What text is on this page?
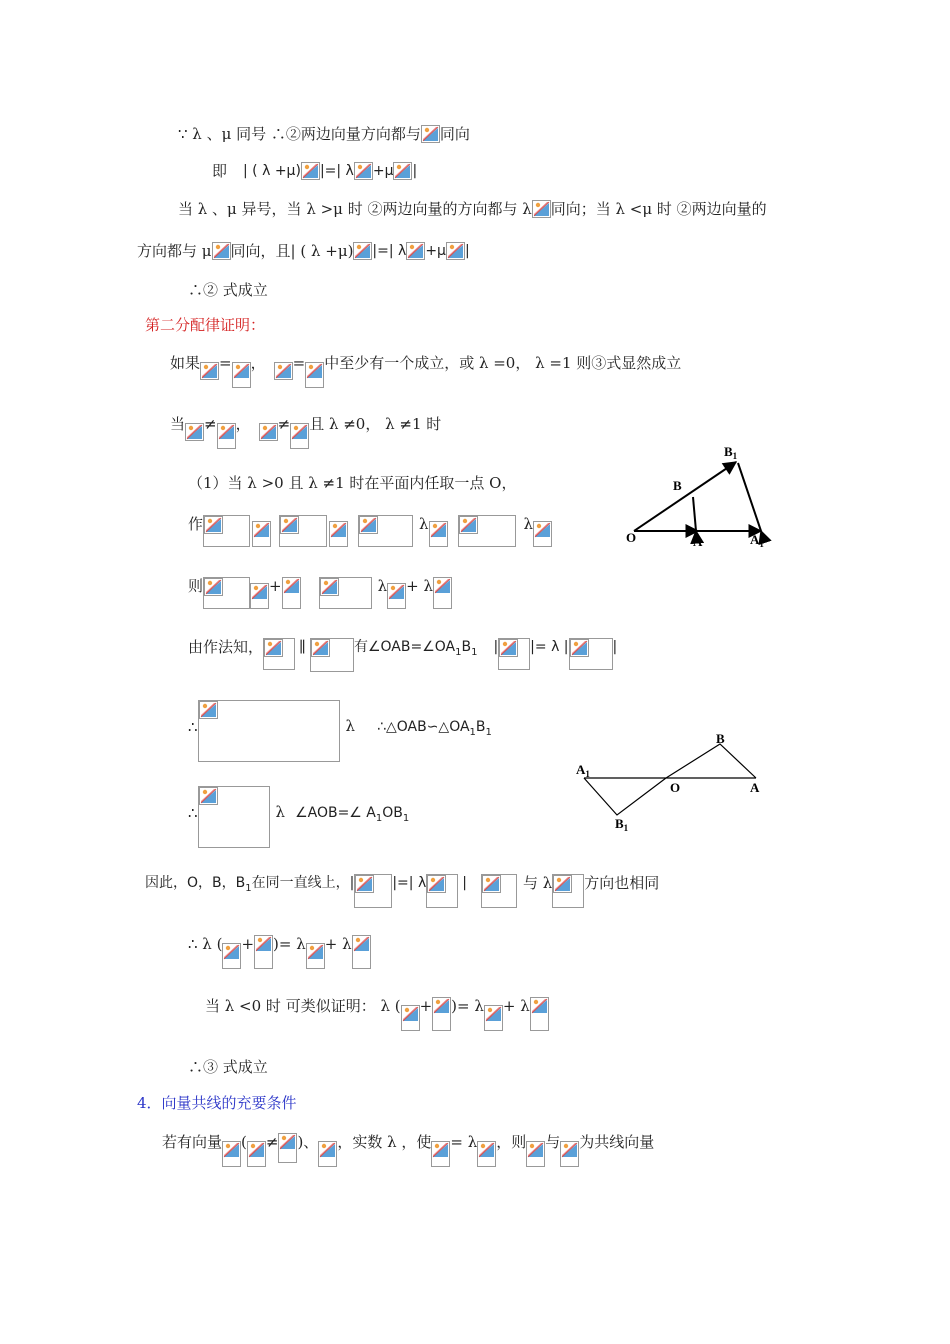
∵ λ 、μ 同号 ∴②两边向量方向都与 同向
即 | ( λ +μ) |=| λ +μ |
当 λ 、μ 异号，当 λ >μ 时 ②两边向量的方向都与 λ 同向；当 λ <μ 时 ②两边向量的
方向都与 μ 同向，且| ( λ +μ) |=| λ +μ |
∴② 式成立
第二分配律证明：
如果 = ， = 中至少有一个成立，或 λ =0， λ =1 则③式显然成立
当 ≠ ， ≠ 且 λ ≠0， λ ≠1 时
（1）当 λ >0 且 λ ≠1 时在平面内任取一点 O，
作	λ	λ
则	+	λ + λ
由作法知， ∥	有$\angle OAB=\angle OA_1B_1$ | |= λ |	|
∴	λ $\therefore\triangle OAB∽\triangle OA_1B_1$
∴	λ ∠AOB=∠ $A_1OB_1$
因此，O，B，$B_1$在同一直线上，|	|=| λ	|	与 λ 方向也相同
∴ λ ( + )= λ + λ
当 λ <0 时 可类似证明： λ ( + )= λ + λ
∴③ 式成立
4．向量共线的充要条件
若有向量 ( ≠ )、 ，实数 λ ，使 = λ ，则 与 为共线向量
$B_1$
B
O	A	$A_1$
$A_1$
O	A
B
$B_1$
